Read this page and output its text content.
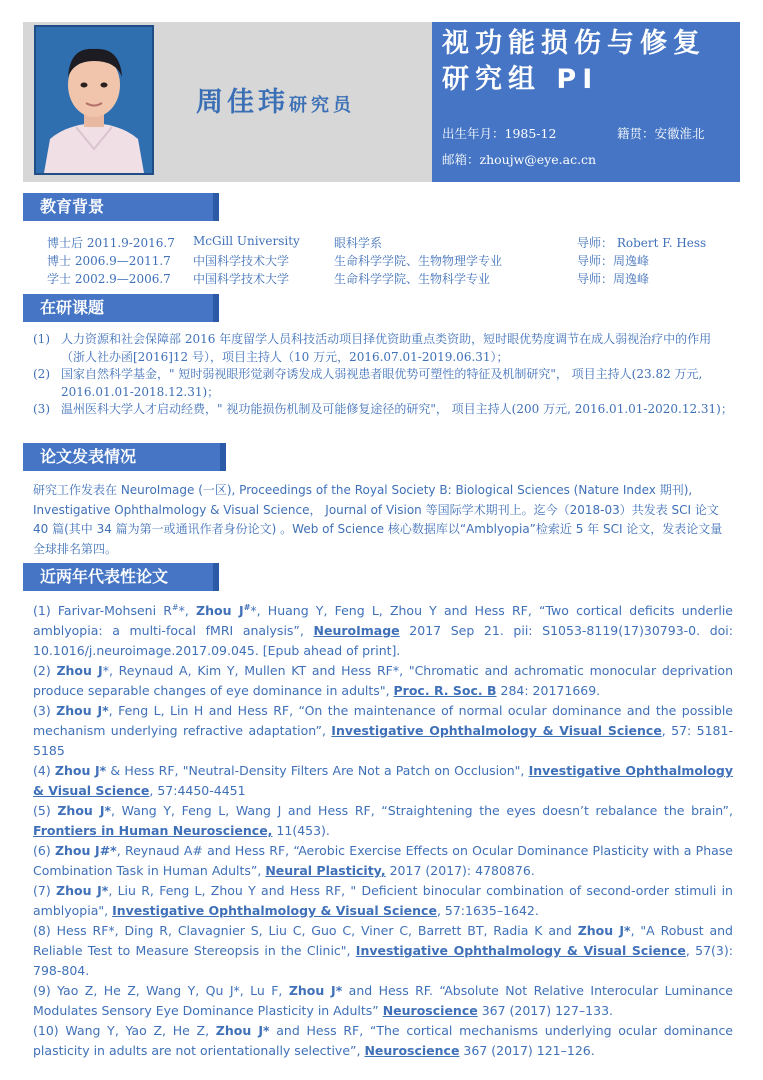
周佳玮研究员
视功能损伤与修复研究组 PI
出生年月：1985-12	籍贯：安徽淮北
邮箱：zhoujw@eye.ac.cn
教育背景
博士后 2011.9-2016.7 McGill University	眼科学系	导师： Robert F. Hess
博士 2006.9—2011.7 中国科学技术大学	生命科学学院、生物物理学专业	导师：周逸峰
学士 2002.9—2006.7 中国科学技术大学	生命科学学院、生物科学专业	导师：周逸峰
在研课题
(1) 人力资源和社会保障部 2016 年度留学人员科技活动项目择优资助重点类资助，短时眼优势度调节在成人弱视治疗中的作用 （浙人社办函[2016]12 号），项目主持人（10 万元，2016.07.01-2019.06.31）；
(2) 国家自然科学基金，" 短时弱视眼形觉剥夺诱发成人弱视患者眼优势可塑性的特征及机制研究"， 项目主持人(23.82 万元, 2016.01.01-2018.12.31)；
(3) 温州医科大学人才启动经费，" 视功能损伤机制及可能修复途径的研究"， 项目主持人(200 万元, 2016.01.01-2020.12.31)；
论文发表情况
研究工作发表在 NeuroImage (一区), Proceedings of the Royal Society B: Biological Sciences (Nature Index 期刊), Investigative Ophthalmology & Visual Science， Journal of Vision 等国际学术期刊上。迄今（2018-03）共发表 SCI 论文 40 篇(其中 34 篇为第一或通讯作者身份论文) 。Web of Science 核心数据库以“Amblyopia”检索近 5 年 SCI 论文，发表论文量全球排名第四。
近两年代表性论文

(1) Farivar-Mohseni R#*, Zhou J#*, Huang Y, Feng L, Zhou Y and Hess RF, “Two cortical deficits underlie amblyopia: a multi-focal fMRI analysis”, NeuroImage 2017 Sep 21. pii: S1053-8119(17)30793-0. doi: 10.1016/j.neuroimage.2017.09.045. [Epub ahead of print].

(2) Zhou J*, Reynaud A, Kim Y, Mullen KT and Hess RF*, "Chromatic and achromatic monocular deprivation produce separable changes of eye dominance in adults", Proc. R. Soc. B 284: 20171669.

(3) Zhou J*, Feng L, Lin H and Hess RF, “On the maintenance of normal ocular dominance and the possible mechanism underlying refractive adaptation”, Investigative Ophthalmology & Visual Science, 57: 5181-5185

(4) Zhou J* & Hess RF, "Neutral-Density Filters Are Not a Patch on Occlusion", Investigative Ophthalmology & Visual Science, 57:4450-4451

(5) Zhou J*, Wang Y, Feng L, Wang J and Hess RF, “Straightening the eyes doesn’t rebalance the brain”, Frontiers in Human Neuroscience, 11(453).

(6) Zhou J#*, Reynaud A# and Hess RF, “Aerobic Exercise Effects on Ocular Dominance Plasticity with a Phase Combination Task in Human Adults”, Neural Plasticity, 2017 (2017): 4780876.

(7) Zhou J*, Liu R, Feng L, Zhou Y and Hess RF, " Deficient binocular combination of second-order stimuli in amblyopia", Investigative Ophthalmology & Visual Science, 57:1635–1642.

(8) Hess RF*, Ding R, Clavagnier S, Liu C, Guo C, Viner C, Barrett BT, Radia K and Zhou J*, "A Robust and Reliable Test to Measure Stereopsis in the Clinic", Investigative Ophthalmology & Visual Science, 57(3): 798-804.

(9) Yao Z, He Z, Wang Y, Qu J*, Lu F, Zhou J* and Hess RF. “Absolute Not Relative Interocular Luminance Modulates Sensory Eye Dominance Plasticity in Adults” Neuroscience 367 (2017) 127–133.

(10) Wang Y, Yao Z, He Z, Zhou J* and Hess RF, “The cortical mechanisms underlying ocular dominance plasticity in adults are not orientationally selective”, Neuroscience 367 (2017) 121–126.
